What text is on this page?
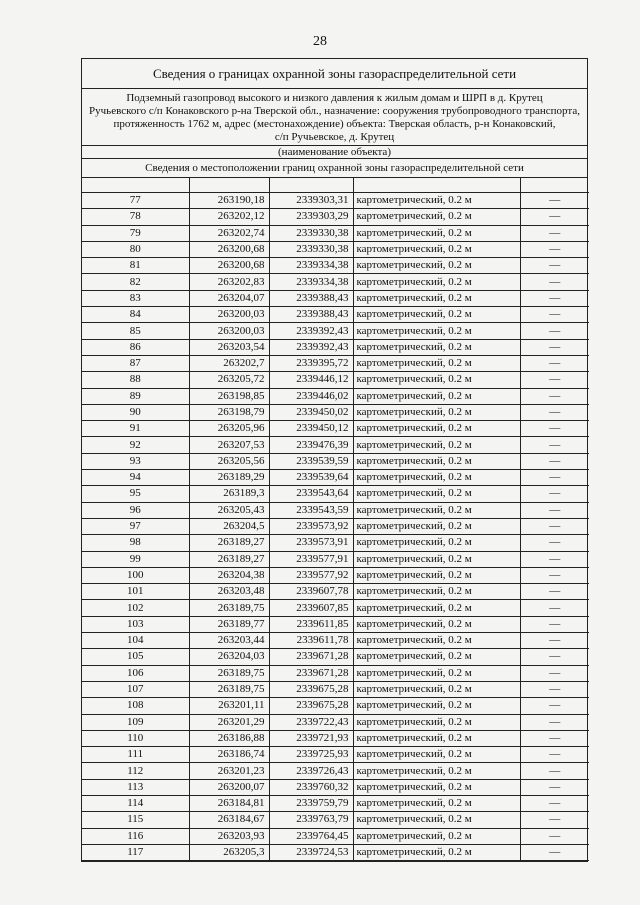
28
Сведения о границах охранной зоны газораспределительной сети
Подземный газопровод высокого и низкого давления к жилым домам и ШРП в д. Крутец
Ручьевского с/п Конаковского р-на Тверской обл., назначение: сооружения трубопроводного транспорта,
протяженность 1762 м, адрес (местонахождение) объекта: Тверская область, р-н Конаковский,
с/п Ручьевское, д. Крутец
(наименование объекта)
Сведения о местоположении границ охранной зоны газораспределительной сети

77	263190,18	2339303,31	картометрический, 0.2 м	—
78	263202,12	2339303,29	картометрический, 0.2 м	—
79	263202,74	2339330,38	картометрический, 0.2 м	—
80	263200,68	2339330,38	картометрический, 0.2 м	—
81	263200,68	2339334,38	картометрический, 0.2 м	—
82	263202,83	2339334,38	картометрический, 0.2 м	—
83	263204,07	2339388,43	картометрический, 0.2 м	—
84	263200,03	2339388,43	картометрический, 0.2 м	—
85	263200,03	2339392,43	картометрический, 0.2 м	—
86	263203,54	2339392,43	картометрический, 0.2 м	—
87	263202,7	2339395,72	картометрический, 0.2 м	—
88	263205,72	2339446,12	картометрический, 0.2 м	—
89	263198,85	2339446,02	картометрический, 0.2 м	—
90	263198,79	2339450,02	картометрический, 0.2 м	—
91	263205,96	2339450,12	картометрический, 0.2 м	—
92	263207,53	2339476,39	картометрический, 0.2 м	—
93	263205,56	2339539,59	картометрический, 0.2 м	—
94	263189,29	2339539,64	картометрический, 0.2 м	—
95	263189,3	2339543,64	картометрический, 0.2 м	—
96	263205,43	2339543,59	картометрический, 0.2 м	—
97	263204,5	2339573,92	картометрический, 0.2 м	—
98	263189,27	2339573,91	картометрический, 0.2 м	—
99	263189,27	2339577,91	картометрический, 0.2 м	—
100	263204,38	2339577,92	картометрический, 0.2 м	—
101	263203,48	2339607,78	картометрический, 0.2 м	—
102	263189,75	2339607,85	картометрический, 0.2 м	—
103	263189,77	2339611,85	картометрический, 0.2 м	—
104	263203,44	2339611,78	картометрический, 0.2 м	—
105	263204,03	2339671,28	картометрический, 0.2 м	—
106	263189,75	2339671,28	картометрический, 0.2 м	—
107	263189,75	2339675,28	картометрический, 0.2 м	—
108	263201,11	2339675,28	картометрический, 0.2 м	—
109	263201,29	2339722,43	картометрический, 0.2 м	—
110	263186,88	2339721,93	картометрический, 0.2 м	—
111	263186,74	2339725,93	картометрический, 0.2 м	—
112	263201,23	2339726,43	картометрический, 0.2 м	—
113	263200,07	2339760,32	картометрический, 0.2 м	—
114	263184,81	2339759,79	картометрический, 0.2 м	—
115	263184,67	2339763,79	картометрический, 0.2 м	—
116	263203,93	2339764,45	картометрический, 0.2 м	—
117	263205,3	2339724,53	картометрический, 0.2 м	—
